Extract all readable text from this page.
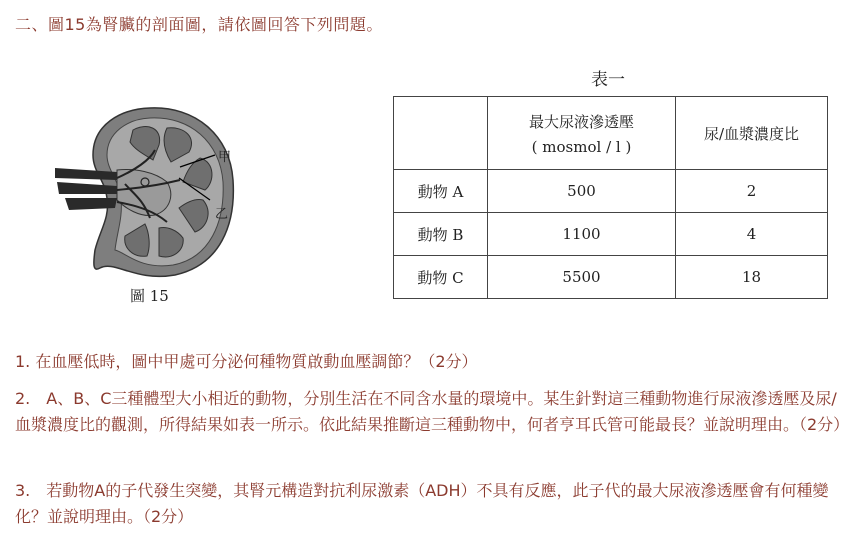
二、圖15為腎臟的剖面圖，請依圖回答下列問題。
甲
乙
圖 15
表一

	最大尿液滲透壓
( mosmol / l )	尿/血漿濃度比
動物 A	500	2
動物 B	1100	4
動物 C	5500	18
1. 在血壓低時，圖中甲處可分泌何種物質啟動血壓調節？（2分）
2.　A、B、C三種體型大小相近的動物，分別生活在不同含水量的環境中。某生針對這三種動物進行尿液滲透壓及尿/血漿濃度比的觀測，所得結果如表一所示。依此結果推斷這三種動物中，何者亨耳氏管可能最長？並說明理由。（2分）
3.　若動物A的子代發生突變，其腎元構造對抗利尿激素（ADH）不具有反應，此子代的最大尿液滲透壓會有何種變化？並說明理由。（2分）
